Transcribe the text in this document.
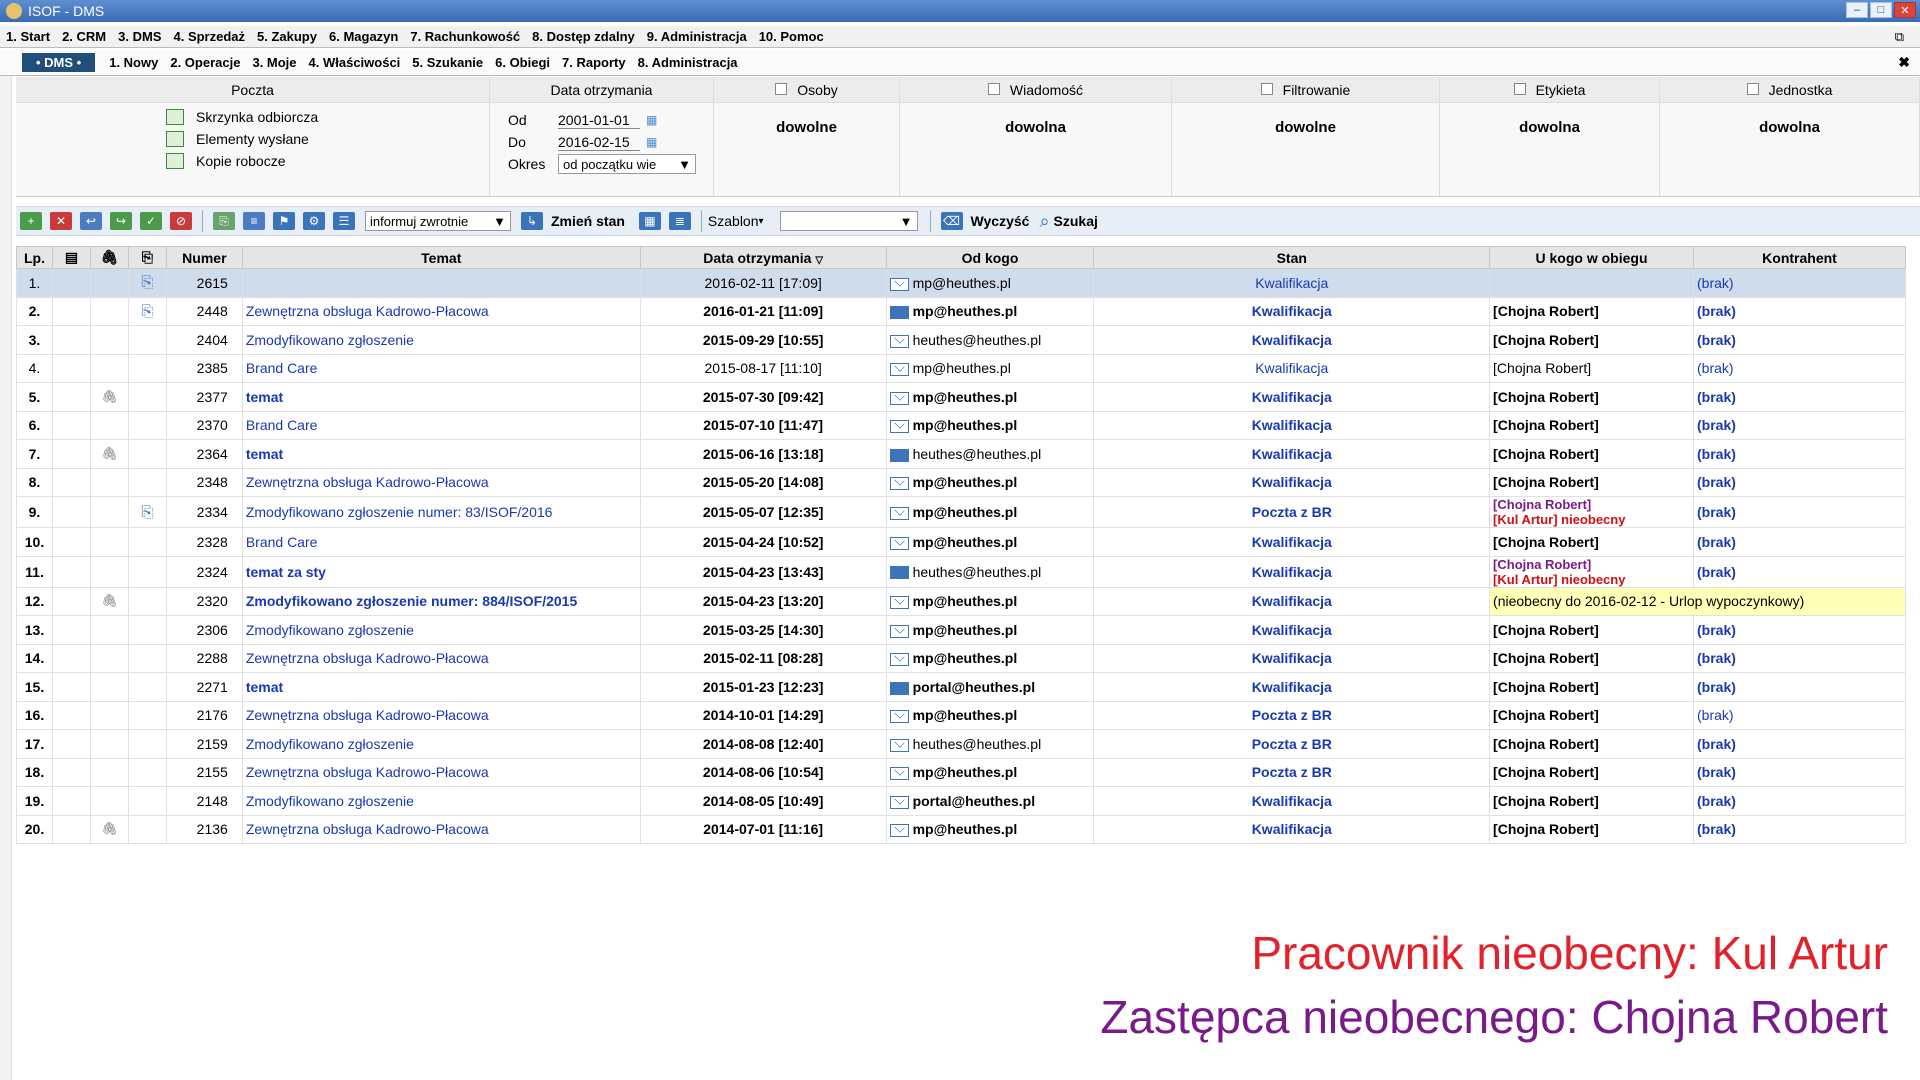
ISOF - DMS	–	□	✕
1. Start 2. CRM 3. DMS 4. Sprzedaż 5. Zakupy 6. Magazyn 7. Rachunkowość 8. Dostęp zdalny 9. Administracja 10. Pomoc	⧉
• DMS •	1. Nowy 2. Operacje 3. Moje 4. Właściwości 5. Szukanie 6. Obiegi 7. Raporty 8. Administracja	✖
Poczta
Skrzynka odbiorcza
Elementy wysłane
Kopie robocze
Data otrzymania
Od	2001-01-01	▦
Do	2016-02-15	▦
Okres	od początku wie ▼
Osoby
dowolne
Wiadomość
dowolna
Filtrowanie
dowolne
Etykieta
dowolna
Jednostka
dowolna
+	✕	↩	↪	✓	⊘	⎘	≡	⚑	⚙	☰	informuj zwrotnie ▼	↳ Zmień stan	▦	≣	Szablon ▾	▼	⌫ Wyczyść ⌕ Szukaj
Lp.	▤	🖇	⎘	Numer	Temat	Data otrzymania ▽	Od kogo	Stan	U kogo w obiegu	Kontrahent
1.			⎘	2615		2016-02-11 [17:09]	mp@heuthes.pl	Kwalifikacja		(brak)
2.			⎘	2448	Zewnętrzna obsługa Kadrowo-Płacowa	2016-01-21 [11:09]	mp@heuthes.pl	Kwalifikacja	[Chojna Robert]	(brak)
3.				2404	Zmodyfikowano zgłoszenie	2015-09-29 [10:55]	heuthes@heuthes.pl	Kwalifikacja	[Chojna Robert]	(brak)
4.				2385	Brand Care	2015-08-17 [11:10]	mp@heuthes.pl	Kwalifikacja	[Chojna Robert]	(brak)
5.		🖇		2377	temat	2015-07-30 [09:42]	mp@heuthes.pl	Kwalifikacja	[Chojna Robert]	(brak)
6.				2370	Brand Care	2015-07-10 [11:47]	mp@heuthes.pl	Kwalifikacja	[Chojna Robert]	(brak)
7.		🖇		2364	temat	2015-06-16 [13:18]	heuthes@heuthes.pl	Kwalifikacja	[Chojna Robert]	(brak)
8.				2348	Zewnętrzna obsługa Kadrowo-Płacowa	2015-05-20 [14:08]	mp@heuthes.pl	Kwalifikacja	[Chojna Robert]	(brak)
9.			⎘	2334	Zmodyfikowano zgłoszenie numer: 83/ISOF/2016	2015-05-07 [12:35]	mp@heuthes.pl	Poczta z BR	[Chojna Robert]
[Kul Artur] nieobecny	(brak)
10.				2328	Brand Care	2015-04-24 [10:52]	mp@heuthes.pl	Kwalifikacja	[Chojna Robert]	(brak)
11.				2324	temat za sty	2015-04-23 [13:43]	heuthes@heuthes.pl	Kwalifikacja	[Chojna Robert]
[Kul Artur] nieobecny	(brak)
12.		🖇		2320	Zmodyfikowano zgłoszenie numer: 884/ISOF/2015	2015-04-23 [13:20]	mp@heuthes.pl	Kwalifikacja	(nieobecny do 2016-02-12 - Urlop wypoczynkowy)	
13.				2306	Zmodyfikowano zgłoszenie	2015-03-25 [14:30]	mp@heuthes.pl	Kwalifikacja	[Chojna Robert]	(brak)
14.				2288	Zewnętrzna obsługa Kadrowo-Płacowa	2015-02-11 [08:28]	mp@heuthes.pl	Kwalifikacja	[Chojna Robert]	(brak)
15.				2271	temat	2015-01-23 [12:23]	portal@heuthes.pl	Kwalifikacja	[Chojna Robert]	(brak)
16.				2176	Zewnętrzna obsługa Kadrowo-Płacowa	2014-10-01 [14:29]	mp@heuthes.pl	Poczta z BR	[Chojna Robert]	(brak)
17.				2159	Zmodyfikowano zgłoszenie	2014-08-08 [12:40]	heuthes@heuthes.pl	Poczta z BR	[Chojna Robert]	(brak)
18.				2155	Zewnętrzna obsługa Kadrowo-Płacowa	2014-08-06 [10:54]	mp@heuthes.pl	Poczta z BR	[Chojna Robert]	(brak)
19.				2148	Zmodyfikowano zgłoszenie	2014-08-05 [10:49]	portal@heuthes.pl	Kwalifikacja	[Chojna Robert]	(brak)
20.		🖇		2136	Zewnętrzna obsługa Kadrowo-Płacowa	2014-07-01 [11:16]	mp@heuthes.pl	Kwalifikacja	[Chojna Robert]	(brak)
Pracownik nieobecny: Kul Artur
Zastępca nieobecnego: Chojna Robert
